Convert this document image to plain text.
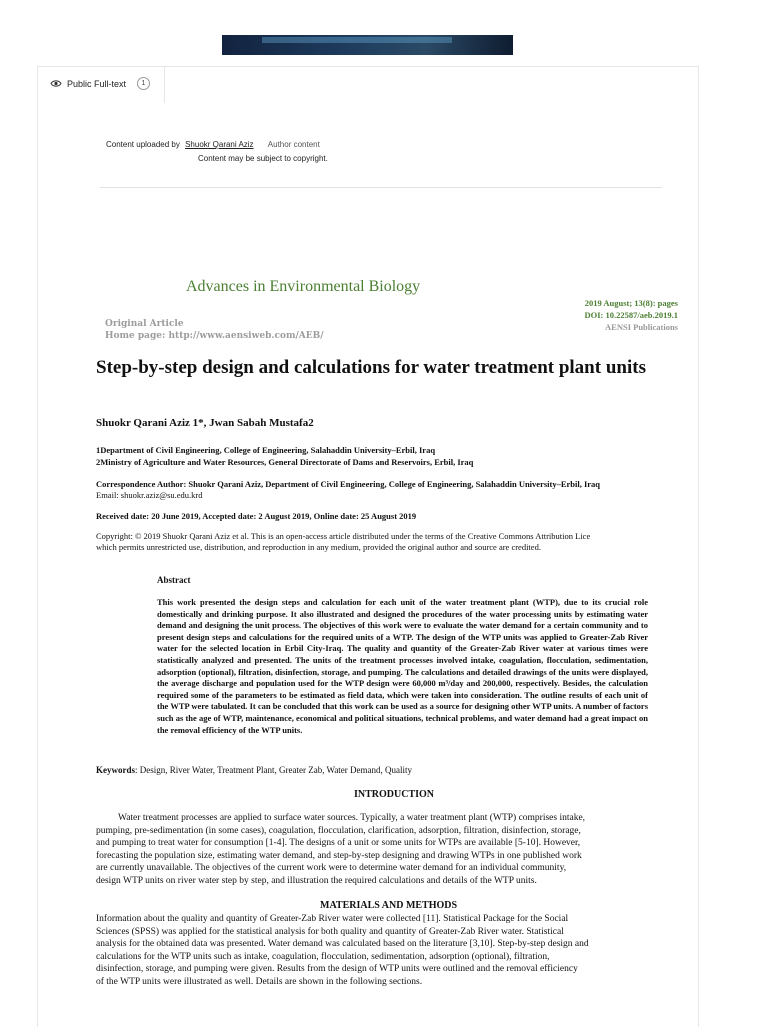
Public Full-text	1
Content uploaded by Shuokr Qarani Aziz Author content
Content may be subject to copyright.
Advances in Environmental Biology
2019 August; 13(8): pages
DOI: 10.22587/aeb.2019.1
AENSI Publications
Original Article
Home page: http://www.aensiweb.com/AEB/
Step-by-step design and calculations for water treatment plant units
Shuokr Qarani Aziz 1*, Jwan Sabah Mustafa2
1Department of Civil Engineering, College of Engineering, Salahaddin University–Erbil, Iraq
2Ministry of Agriculture and Water Resources, General Directorate of Dams and Reservoirs, Erbil, Iraq
Correspondence Author: Shuokr Qarani Aziz, Department of Civil Engineering, College of Engineering, Salahaddin University–Erbil, Iraq
Email: shuokr.aziz@su.edu.krd
Received date: 20 June 2019, Accepted date: 2 August 2019, Online date: 25 August 2019
Copyright: © 2019 Shuokr Qarani Aziz et al. This is an open-access article distributed under the terms of the Creative Commons Attribution Lice
which permits unrestricted use, distribution, and reproduction in any medium, provided the original author and source are credited.
Abstract
This work presented the design steps and calculation for each unit of the water treatment plant (WTP), due to its crucial role domestically and drinking purpose. It also illustrated and designed the procedures of the water processing units by estimating water demand and designing the unit process. The objectives of this work were to evaluate the water demand for a certain community and to present design steps and calculations for the required units of a WTP. The design of the WTP units was applied to Greater-Zab River water for the selected location in Erbil City-Iraq. The quality and quantity of the Greater-Zab River water at various times were statistically analyzed and presented. The units of the treatment processes involved intake, coagulation, flocculation, sedimentation, adsorption (optional), filtration, disinfection, storage, and pumping. The calculations and detailed drawings of the units were displayed, the average discharge and population used for the WTP design were 60,000 m³/day and 200,000, respectively. Besides, the calculation required some of the parameters to be estimated as field data, which were taken into consideration. The outline results of each unit of the WTP were tabulated. It can be concluded that this work can be used as a source for designing other WTP units. A number of factors such as the age of WTP, maintenance, economical and political situations, technical problems, and water demand had a great impact on the removal efficiency of the WTP units.
Keywords: Design, River Water, Treatment Plant, Greater Zab, Water Demand, Quality
INTRODUCTION
Water treatment processes are applied to surface water sources. Typically, a water treatment plant (WTP) comprises intake,
pumping, pre-sedimentation (in some cases), coagulation, flocculation, clarification, adsorption, filtration, disinfection, storage,
and pumping to treat water for consumption [1-4]. The designs of a unit or some units for WTPs are available [5-10]. However,
forecasting the population size, estimating water demand, and step-by-step designing and drawing WTPs in one published work
are currently unavailable. The objectives of the current work were to determine water demand for an individual community,
design WTP units on river water step by step, and illustration the required calculations and details of the WTP units.
MATERIALS AND METHODS
Information about the quality and quantity of Greater-Zab River water were collected [11]. Statistical Package for the Social
Sciences (SPSS) was applied for the statistical analysis for both quality and quantity of Greater-Zab River water. Statistical
analysis for the obtained data was presented. Water demand was calculated based on the literature [3,10]. Step-by-step design and
calculations for the WTP units such as intake, coagulation, flocculation, sedimentation, adsorption (optional), filtration,
disinfection, storage, and pumping were given. Results from the design of WTP units were outlined and the removal efficiency
of the WTP units were illustrated as well. Details are shown in the following sections.
